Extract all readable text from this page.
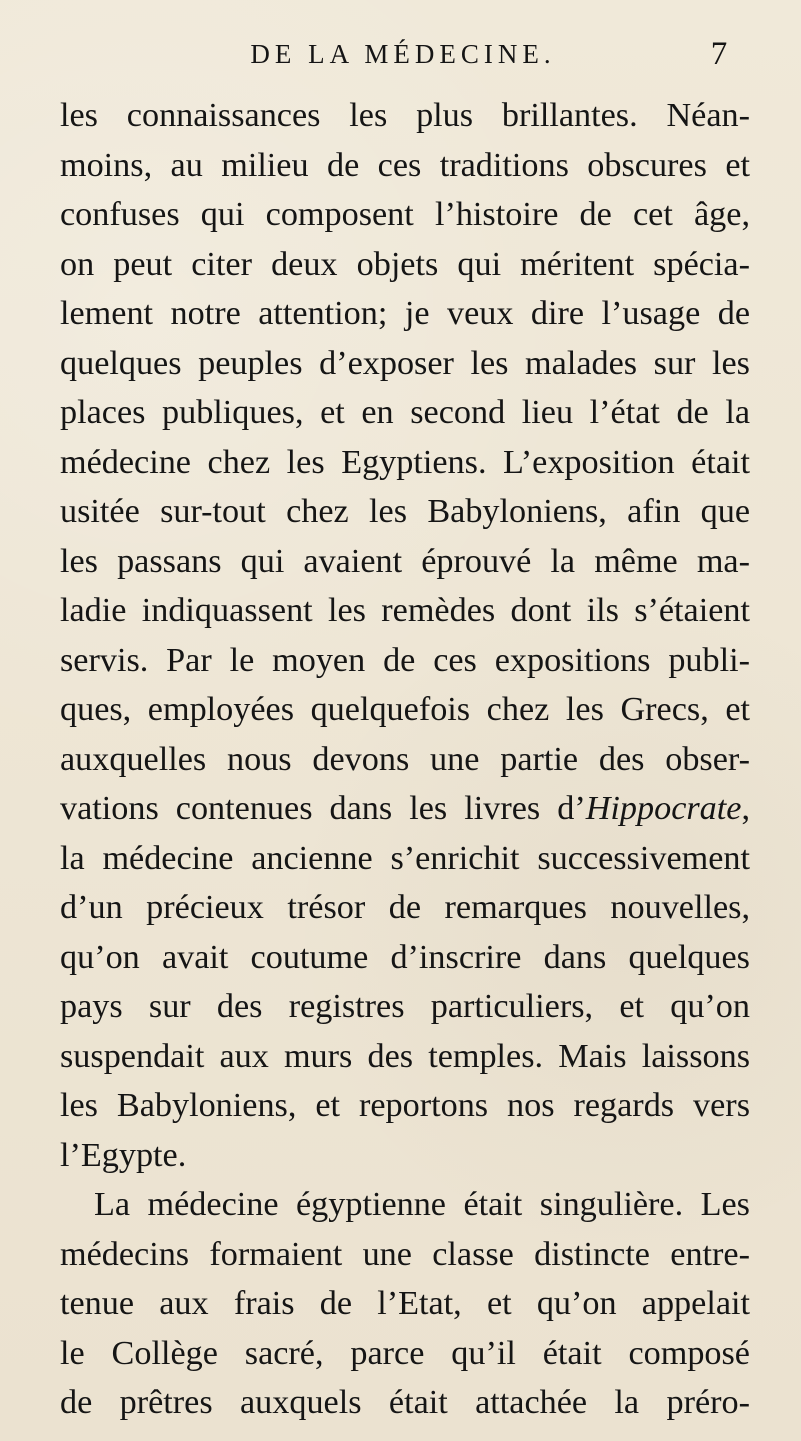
DE LA MÉDECINE.	7
les connaissances les plus brillantes. Néan-
moins, au milieu de ces traditions obscures et
confuses qui composent l’histoire de cet âge,
on peut citer deux objets qui méritent spécia-
lement notre attention; je veux dire l’usage de
quelques peuples d’exposer les malades sur les
places publiques, et en second lieu l’état de la
médecine chez les Egyptiens. L’exposition était
usitée sur-tout chez les Babyloniens, afin que
les passans qui avaient éprouvé la même ma-
ladie indiquassent les remèdes dont ils s’étaient
servis. Par le moyen de ces expositions publi-
ques, employées quelquefois chez les Grecs, et
auxquelles nous devons une partie des obser-
vations contenues dans les livres d’Hippocrate,
la médecine ancienne s’enrichit successivement
d’un précieux trésor de remarques nouvelles,
qu’on avait coutume d’inscrire dans quelques
pays sur des registres particuliers, et qu’on
suspendait aux murs des temples. Mais laissons
les Babyloniens, et reportons nos regards vers
l’Egypte.
La médecine égyptienne était singulière. Les
médecins formaient une classe distincte entre-
tenue aux frais de l’Etat, et qu’on appelait
le Collège sacré, parce qu’il était composé
de prêtres auxquels était attachée la préro-
